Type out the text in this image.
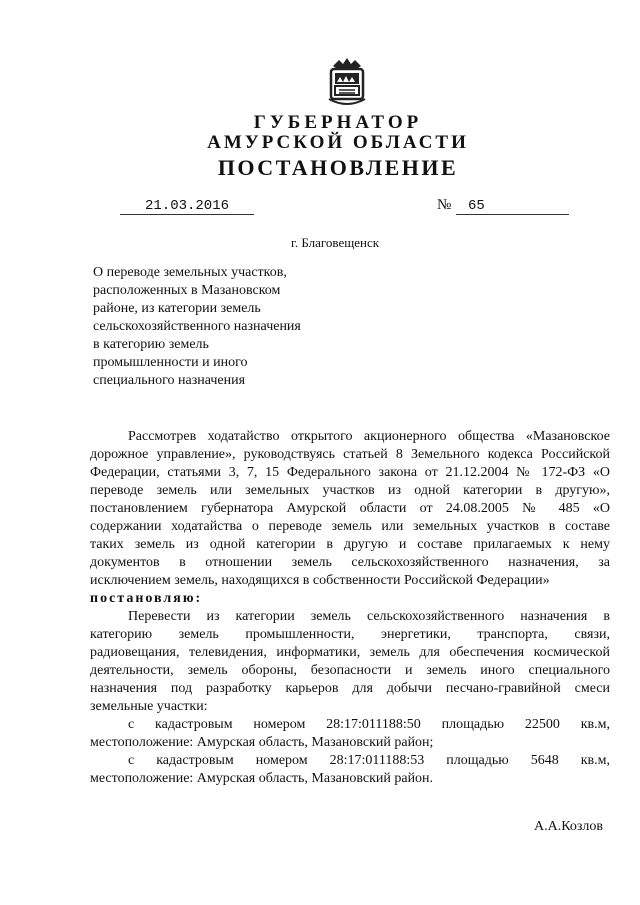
ГУБЕРНАТОР
АМУРСКОЙ ОБЛАСТИ
ПОСТАНОВЛЕНИЕ
21.03.2016	№	65
г. Благовещенск
О переводе земельных участков,
расположенных в Мазановском
районе, из категории земель
сельскохозяйственного назначения
в категорию земель
промышленности и иного
специального назначения
Рассмотрев ходатайство открытого акционерного общества «Мазановское
дорожное управление», руководствуясь статьей 8 Земельного кодекса Российской
Федерации, статьями 3, 7, 15 Федерального закона от 21.12.2004 № 172-ФЗ «О
переводе земель или земельных участков из одной категории в другую»,
постановлением губернатора Амурской области от 24.08.2005 № 485 «О
содержании ходатайства о переводе земель или земельных участков в составе
таких земель из одной категории в другую и составе прилагаемых к нему
документов в отношении земель сельскохозяйственного назначения, за
исключением земель, находящихся в собственности Российской Федерации»
постановляю:
Перевести из категории земель сельскохозяйственного назначения в
категорию земель промышленности, энергетики, транспорта, связи,
радиовещания, телевидения, информатики, земель для обеспечения космической
деятельности, земель обороны, безопасности и земель иного специального
назначения под разработку карьеров для добычи песчано-гравийной смеси
земельные участки:
с кадастровым номером 28:17:011188:50 площадью 22500 кв.м,
местоположение: Амурская область, Мазановский район;
с кадастровым номером 28:17:011188:53 площадью 5648 кв.м,
местоположение: Амурская область, Мазановский район.
А.А.Козлов
